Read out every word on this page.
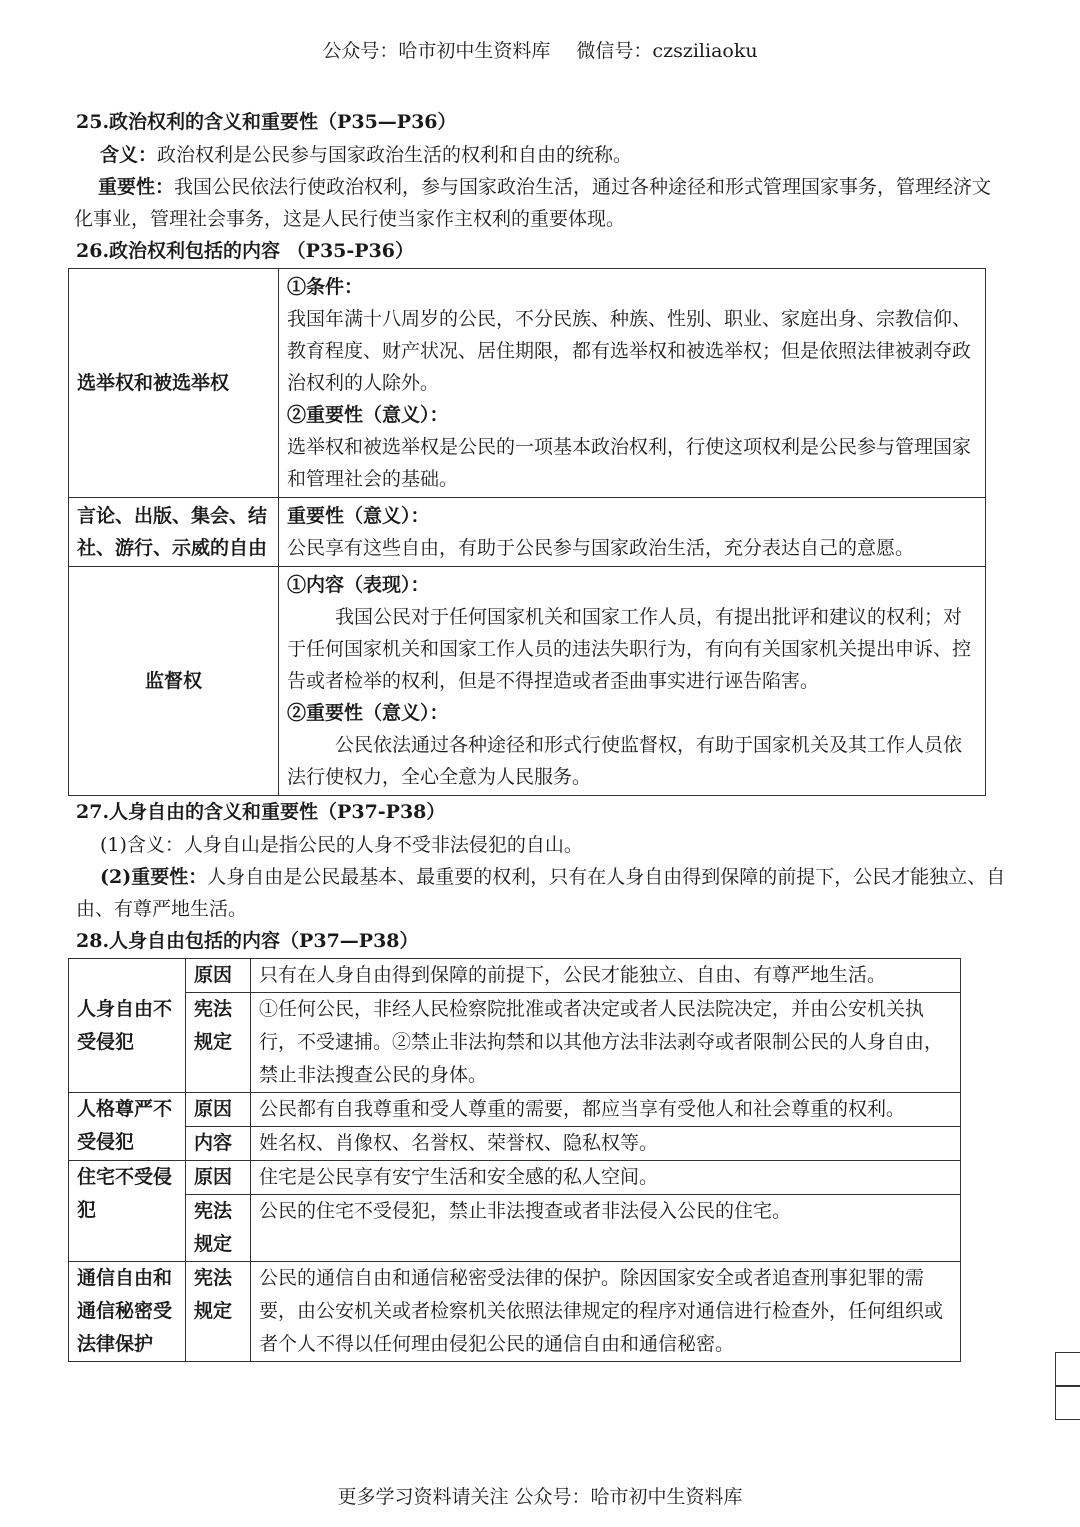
公众号：哈市初中生资料库 微信号：czsziliaoku

25.政治权利的含义和重要性（P35—P36）

含义：政治权利是公民参与国家政治生活的权利和自由的统称。

重要性：我国公民依法行使政治权利，参与国家政治生活，通过各种途径和形式管理国家事务，管理经济文化事业，管理社会事务，这是人民行使当家作主权利的重要体现。

26.政治权利包括的内容 （P35-P36）

选举权和被选举权	①条件：
我国年满十八周岁的公民，不分民族、种族、性别、职业、家庭出身、宗教信仰、教育程度、财产状况、居住期限，都有选举权和被选举权；但是依照法律被剥夺政治权利的人除外。
②重要性（意义）：
选举权和被选举权是公民的一项基本政治权利，行使这项权利是公民参与管理国家和管理社会的基础。

言论、出版、集会、结社、游行、示威的自由	重要性（意义）：
公民享有这些自由，有助于公民参与国家政治生活，充分表达自己的意愿。

监督权	①内容（表现）：
我国公民对于任何国家机关和国家工作人员，有提出批评和建议的权利；对于任何国家机关和国家工作人员的违法失职行为，有向有关国家机关提出申诉、控告或者检举的权利，但是不得捏造或者歪曲事实进行诬告陷害。
②重要性（意义）：
公民依法通过各种途径和形式行使监督权，有助于国家机关及其工作人员依法行使权力，全心全意为人民服务。

27.人身自由的含义和重要性（P37-P38）

(1)含义：人身自山是指公民的人身不受非法侵犯的自山。

(2)重要性：人身自由是公民最基本、最重要的权利，只有在人身自由得到保障的前提下，公民才能独立、自由、有尊严地生活。

28.人身自由包括的内容（P37—P38）

人身自由不受侵犯	原因	只有在人身自由得到保障的前提下，公民才能独立、自由、有尊严地生活。
	宪法规定	①任何公民，非经人民检察院批准或者决定或者人民法院决定，并由公安机关执行，不受逮捕。②禁止非法拘禁和以其他方法非法剥夺或者限制公民的人身自由，禁止非法搜查公民的身体。
人格尊严不受侵犯	原因	公民都有自我尊重和受人尊重的需要，都应当享有受他人和社会尊重的权利。
	内容	姓名权、肖像权、名誉权、荣誉权、隐私权等。
住宅不受侵犯	原因	住宅是公民享有安宁生活和安全感的私人空间。
	宪法规定	公民的住宅不受侵犯，禁止非法搜查或者非法侵入公民的住宅。
通信自由和通信秘密受法律保护	宪法规定	公民的通信自由和通信秘密受法律的保护。除因国家安全或者追查刑事犯罪的需要，由公安机关或者检察机关依照法律规定的程序对通信进行检查外，任何组织或者个人不得以任何理由侵犯公民的通信自由和通信秘密。
更多学习资料请关注 公众号：哈市初中生资料库
